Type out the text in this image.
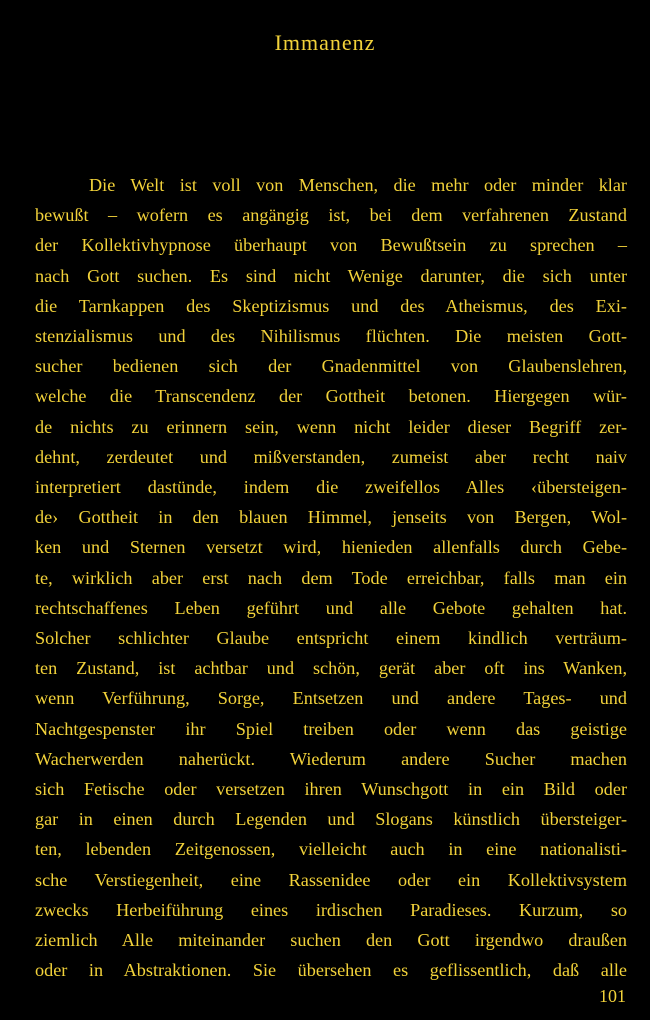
Immanenz
Die Welt ist voll von Menschen, die mehr oder minder klar
bewußt – wofern es angängig ist, bei dem verfahrenen Zustand
der Kollektivhypnose überhaupt von Bewußtsein zu sprechen –
nach Gott suchen. Es sind nicht Wenige darunter, die sich unter
die Tarnkappen des Skeptizismus und des Atheismus, des Exi-
stenzialismus und des Nihilismus flüchten. Die meisten Gott-
sucher bedienen sich der Gnadenmittel von Glaubenslehren,
welche die Transcendenz der Gottheit betonen. Hiergegen wür-
de nichts zu erinnern sein, wenn nicht leider dieser Begriff zer-
dehnt, zerdeutet und mißverstanden, zumeist aber recht naiv
interpretiert dastünde, indem die zweifellos Alles ‹übersteigen-
de› Gottheit in den blauen Himmel, jenseits von Bergen, Wol-
ken und Sternen versetzt wird, hienieden allenfalls durch Gebe-
te, wirklich aber erst nach dem Tode erreichbar, falls man ein
rechtschaffenes Leben geführt und alle Gebote gehalten hat.
Solcher schlichter Glaube entspricht einem kindlich verträum-
ten Zustand, ist achtbar und schön, gerät aber oft ins Wanken,
wenn Verführung, Sorge, Entsetzen und andere Tages- und
Nachtgespenster ihr Spiel treiben oder wenn das geistige
Wacherwerden naherückt. Wiederum andere Sucher machen
sich Fetische oder versetzen ihren Wunschgott in ein Bild oder
gar in einen durch Legenden und Slogans künstlich übersteiger-
ten, lebenden Zeitgenossen, vielleicht auch in eine nationalisti-
sche Verstiegenheit, eine Rassenidee oder ein Kollektivsystem
zwecks Herbeiführung eines irdischen Paradieses. Kurzum, so
ziemlich Alle miteinander suchen den Gott irgendwo draußen
oder in Abstraktionen. Sie übersehen es geflissentlich, daß alle
101
